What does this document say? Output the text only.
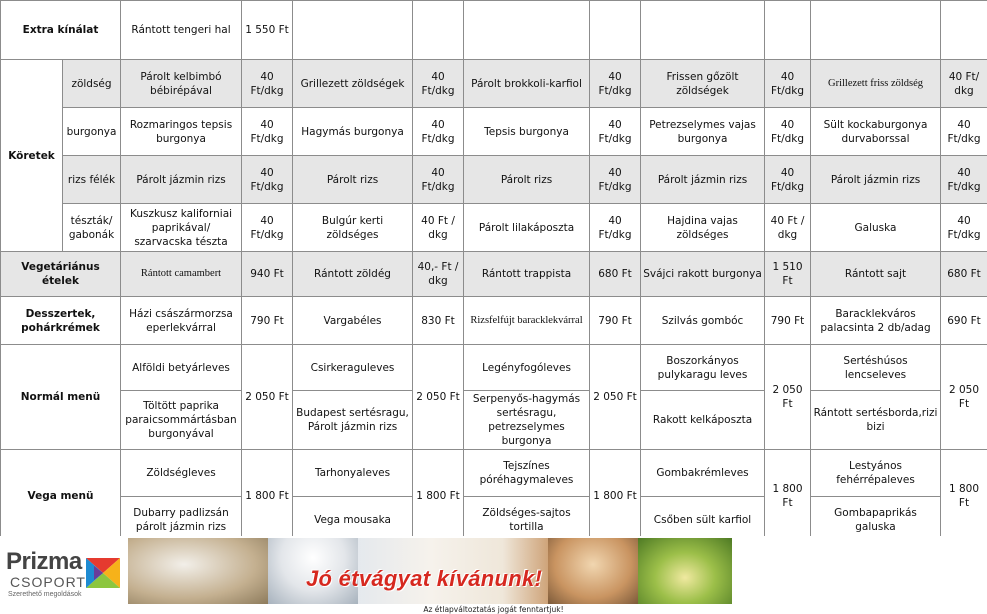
Extra kínálat		Rántott tengeri hal	1 550 Ft								
Köretek	zöldség	Párolt kelbimbó bébirépával	40 Ft/dkg	Grillezett zöldségek	40 Ft/dkg	Párolt brokkoli-karfiol	40 Ft/dkg	Frissen gőzölt zöldségek	40 Ft/dkg	Grillezett friss zöldség	40 Ft/ dkg
	burgonya	Rozmaringos tepsis burgonya	40 Ft/dkg	Hagymás burgonya	40 Ft/dkg	Tepsis burgonya	40 Ft/dkg	Petrezselymes vajas burgonya	40 Ft/dkg	Sült kockaburgonya durvaborssal	40 Ft/dkg
	rizs félék	Párolt jázmin rizs	40 Ft/dkg	Párolt rizs	40 Ft/dkg	Párolt rizs	40 Ft/dkg	Párolt jázmin rizs	40 Ft/dkg	Párolt jázmin rizs	40 Ft/dkg
	tészták/ gabonák	Kuszkusz kaliforniai paprikával/ szarvacska tészta	40 Ft/dkg	Bulgúr kerti zöldséges	40 Ft / dkg	Párolt lilakáposzta	40 Ft/dkg	Hajdina vajas zöldséges	40 Ft / dkg	Galuska	40 Ft/dkg
Vegetáriánus ételek		Rántott camambert	940 Ft	Rántott zöldég	40,- Ft / dkg	Rántott trappista	680 Ft	Svájci rakott burgonya	1 510 Ft	Rántott sajt	680 Ft
Desszertek, pohárkrémek		Házi császármorzsa eperlekvárral	790 Ft	Vargabéles	830 Ft	Rizsfelfújt baracklekvárral	790 Ft	Szilvás gombóc	790 Ft	Baracklekváros palacsinta 2 db/adag	690 Ft
Normál menü		Alföldi betyárleves	2 050 Ft	Csirkeraguleves	2 050 Ft	Legényfogóleves	2 050 Ft	Boszorkányos pulykaragu leves	2 050 Ft	Sertéshúsos lencseleves	2 050 Ft
		Töltött paprika paraicsommártásban burgonyával		Budapest sertésragu, Párolt jázmin rizs		Serpenyős-hagymás sertésragu, petrezselymes burgonya		Rakott kelkáposzta		Rántott sertésborda,rizi bizi	
Vega menü		Zöldségleves	1 800 Ft	Tarhonyaleves	1 800 Ft	Tejszínes póréhagymaleves	1 800 Ft	Gombakrémleves	1 800 Ft	Lestyános fehérrépaleves	1 800 Ft
		Dubarry padlizsán párolt jázmin rizs		Vega mousaka		Zöldséges-sajtos tortilla		Csőben sült karfiol		Gombapaprikás galuska	
Prizma
CSOPORT
Szerethető megoldások
Jó étvágyat kívánunk!
Az étlapváltoztatás jogát fenntartjuk!
